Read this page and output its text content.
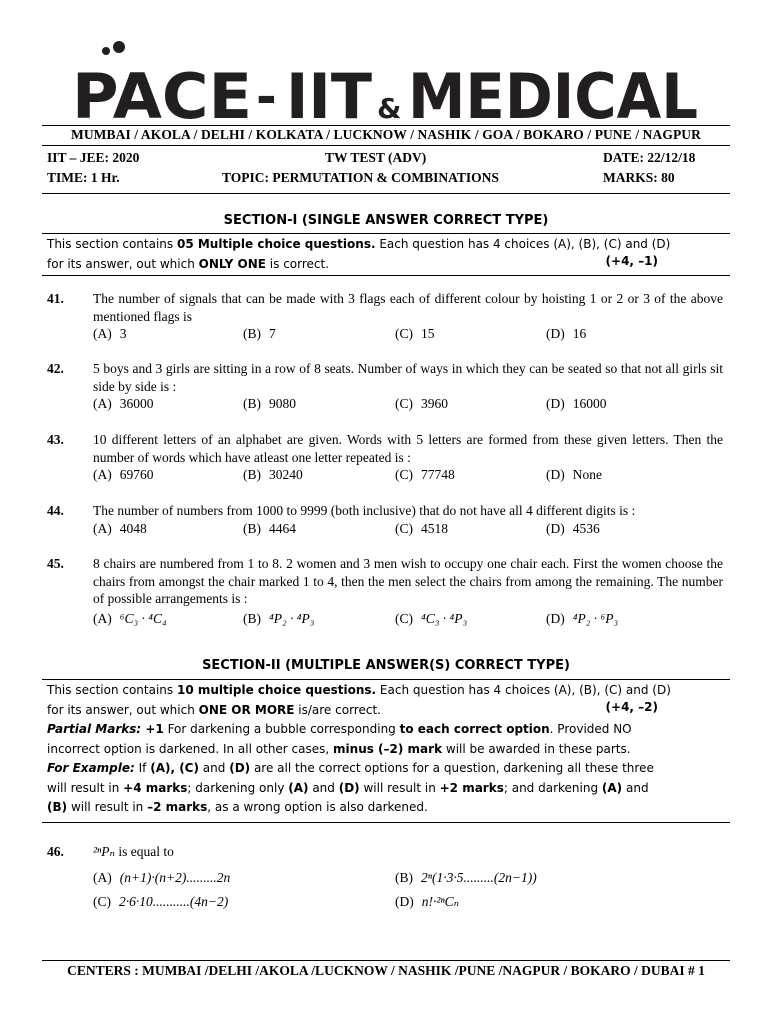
PACE - IIT & MEDICAL
MUMBAI / AKOLA / DELHI / KOLKATA / LUCKNOW / NASHIK / GOA / BOKARO / PUNE / NAGPUR
IIT – JEE: 2020	TW TEST (ADV)	DATE: 22/12/18
TIME: 1 Hr.	TOPIC: PERMUTATION & COMBINATIONS	MARKS: 80
SECTION-I (SINGLE ANSWER CORRECT TYPE)
This section contains 05 Multiple choice questions. Each question has 4 choices (A), (B), (C) and (D)
for its answer, out which ONLY ONE is correct.	(+4, –1)
41. The number of signals that can be made with 3 flags each of different colour by hoisting 1 or 2 or 3 of the above mentioned flags is
(A) 3	(B) 7	(C) 15	(D) 16
42. 5 boys and 3 girls are sitting in a row of 8 seats. Number of ways in which they can be seated so that not all girls sit side by side is :
(A) 36000	(B) 9080	(C) 3960	(D) 16000
43. 10 different letters of an alphabet are given. Words with 5 letters are formed from these given letters. Then the number of words which have atleast one letter repeated is :
(A) 69760	(B) 30240	(C) 77748	(D) None
44. The number of numbers from 1000 to 9999 (both inclusive) that do not have all 4 different digits is :
(A) 4048	(B) 4464	(C) 4518	(D) 4536
45. 8 chairs are numbered from 1 to 8. 2 women and 3 men wish to occupy one chair each. First the women choose the chairs from amongst the chair marked 1 to 4, then the men select the chairs from among the remaining. The number of possible arrangements is :
(A) ⁶C₃ · ⁴C₄	(B) ⁴P₂ · ⁴P₃	(C) ⁴C₃ · ⁴P₃	(D) ⁴P₂ · ⁶P₃
SECTION-II (MULTIPLE ANSWER(S) CORRECT TYPE)
This section contains 10 multiple choice questions. Each question has 4 choices (A), (B), (C) and (D)
for its answer, out which ONE OR MORE is/are correct.
Partial Marks: +1 For darkening a bubble corresponding to each correct option. Provided NO
incorrect option is darkened. In all other cases, minus (–2) mark will be awarded in these parts.
For Example: If (A), (C) and (D) are all the correct options for a question, darkening all these three
will result in +4 marks; darkening only (A) and (D) will result in +2 marks; and darkening (A) and
(B) will result in –2 marks, as a wrong option is also darkened.
(+4, –2)
46. ²ⁿPₙ is equal to
(A) (n+1)·(n+2).........2n	(B) 2ⁿ(1·3·5.........(2n−1))
(C) 2·6·10...........(4n−2)	(D) n!·²ⁿCₙ
CENTERS : MUMBAI /DELHI /AKOLA /LUCKNOW / NASHIK /PUNE /NAGPUR / BOKARO / DUBAI # 1
